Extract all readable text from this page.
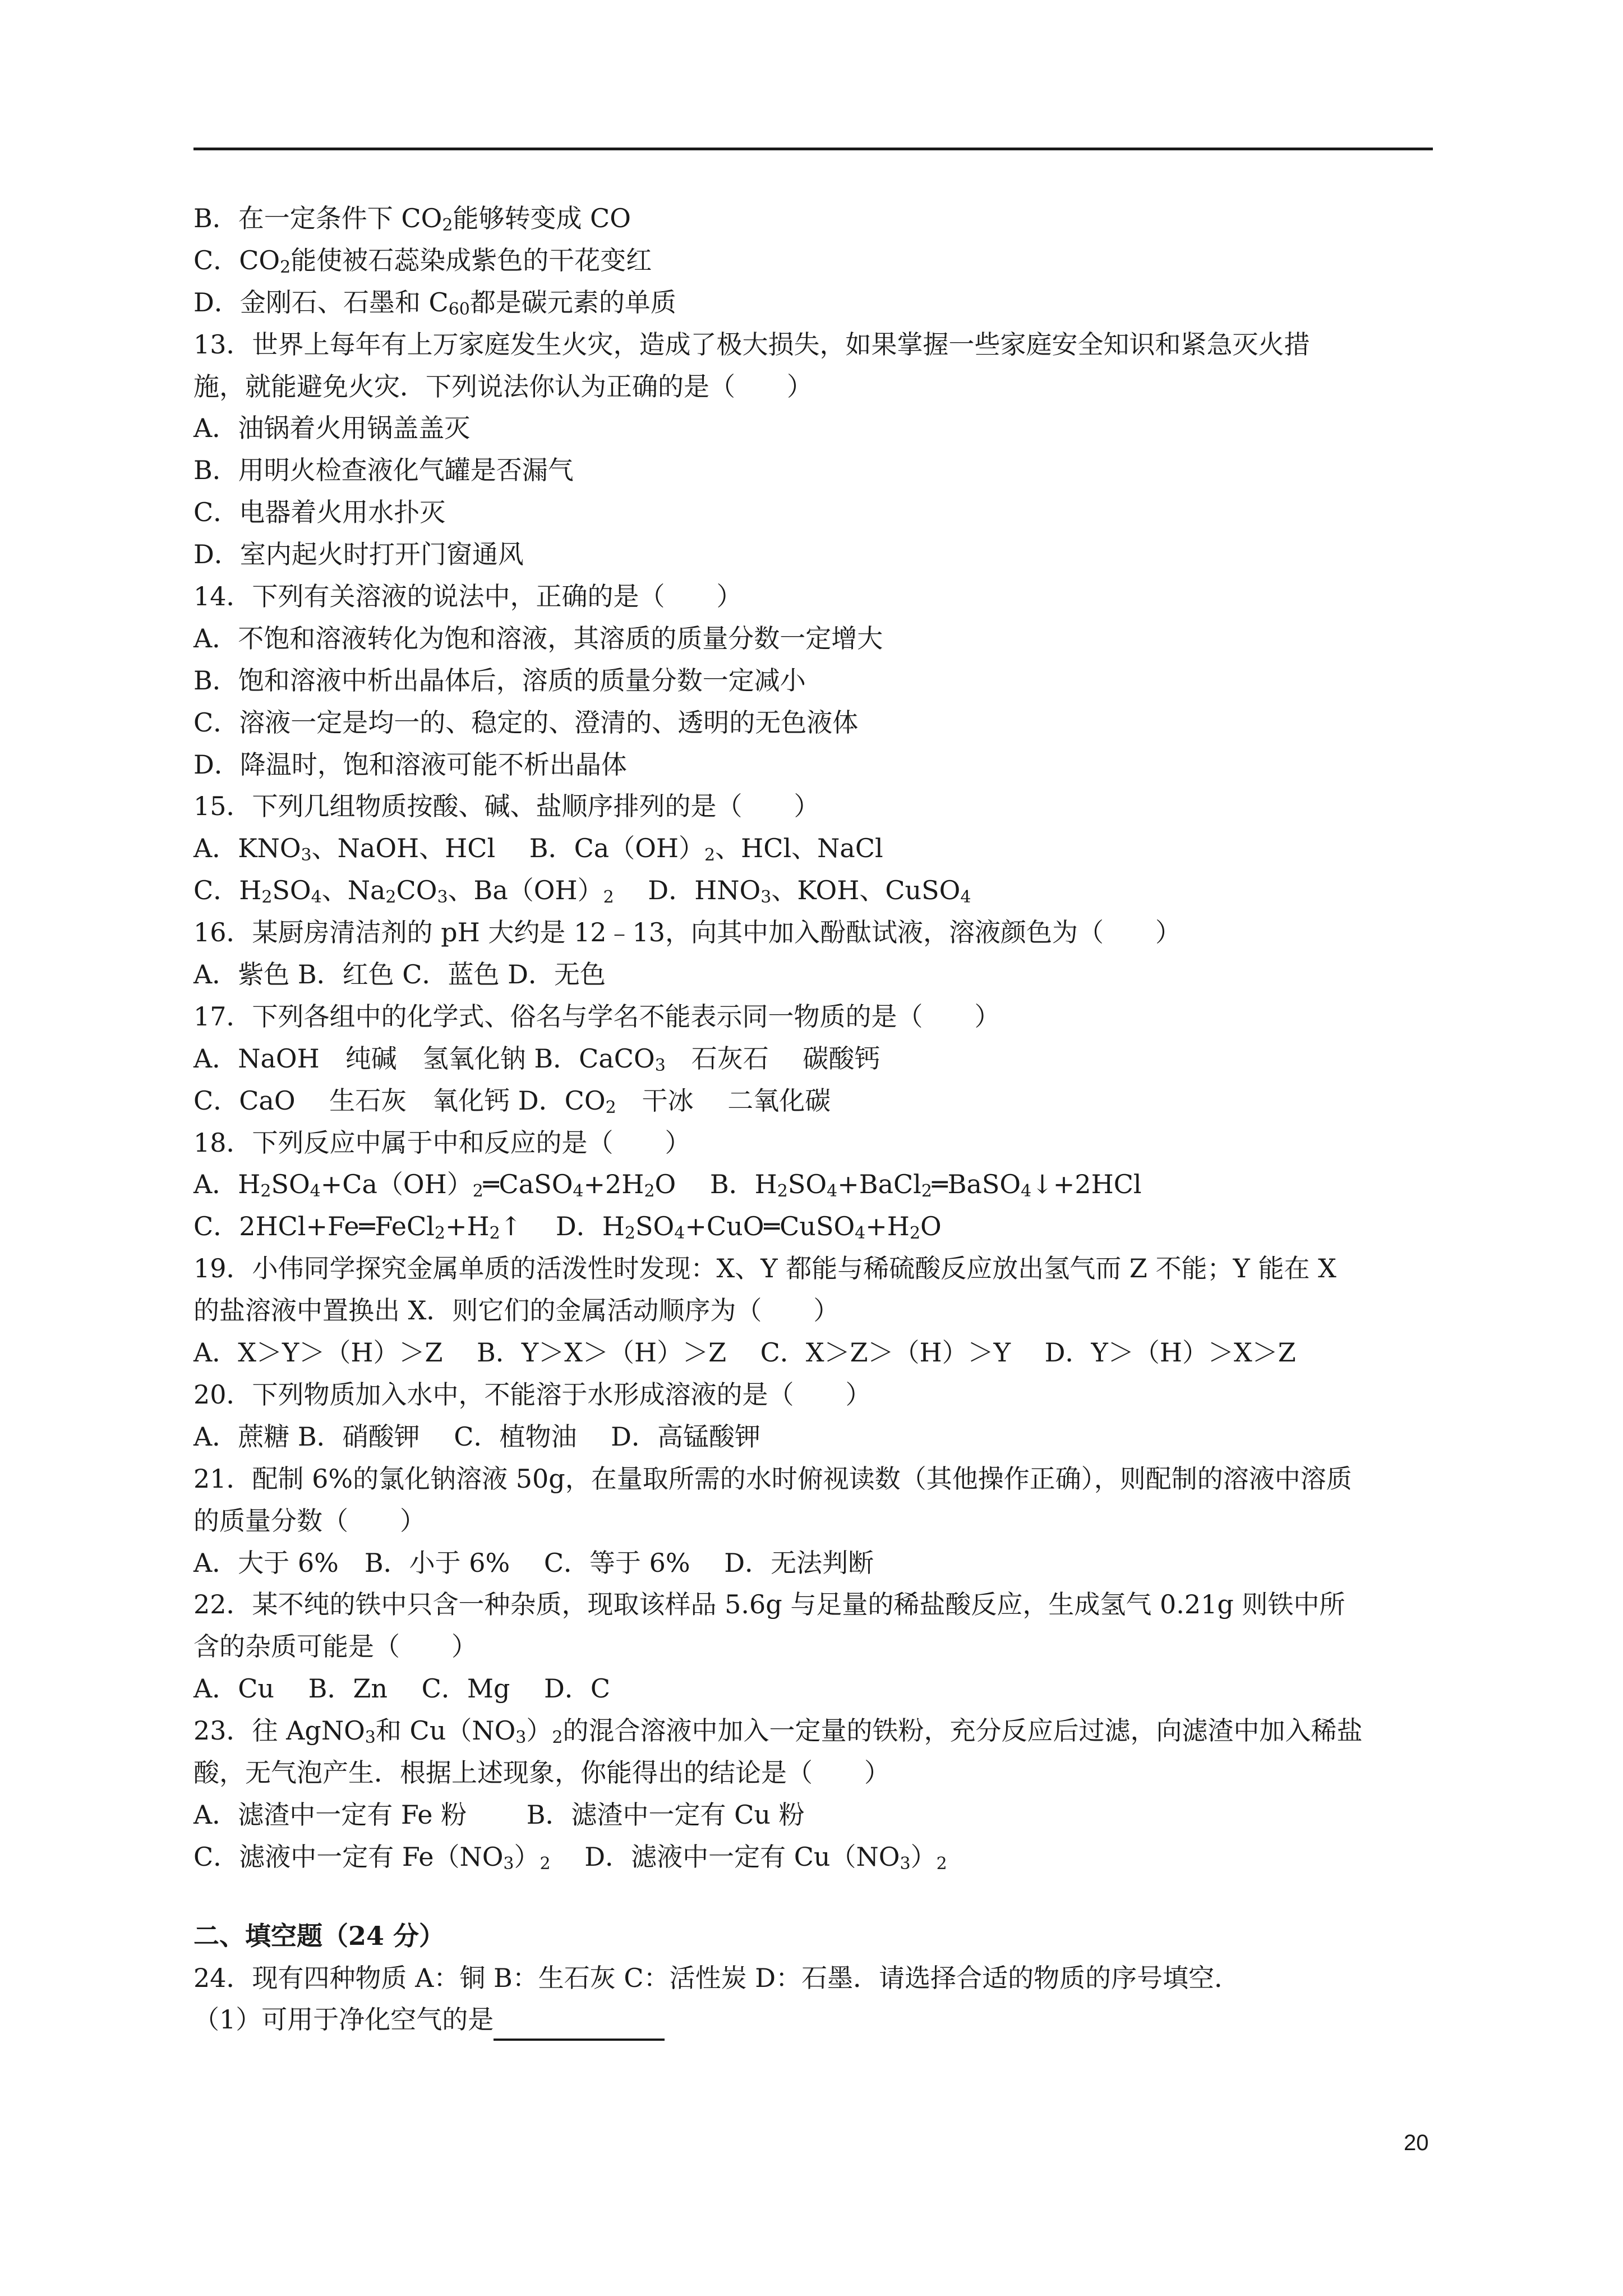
B．在一定条件下 $CO_2$能够转变成 CO
C．$CO_2$能使被石蕊染成紫色的干花变红
D．金刚石、石墨和 $C_{60}$都是碳元素的单质
13．世界上每年有上万家庭发生火灾，造成了极大损失，如果掌握一些家庭安全知识和紧急灭火措
施，就能避免火灾．下列说法你认为正确的是（　　）
A．油锅着火用锅盖盖灭
B．用明火检查液化气罐是否漏气
C．电器着火用水扑灭
D．室内起火时打开门窗通风
14．下列有关溶液的说法中，正确的是（　　）
A．不饱和溶液转化为饱和溶液，其溶质的质量分数一定增大
B．饱和溶液中析出晶体后，溶质的质量分数一定减小
C．溶液一定是均一的、稳定的、澄清的、透明的无色液体
D．降温时，饱和溶液可能不析出晶体
15．下列几组物质按酸、碱、盐顺序排列的是（　　）
A．$KNO_3$、NaOH、HCl　 B．$Ca(OH)_2$、HCl、NaCl
C．$H_2SO_4$、$Na_2CO_3$、$Ba(OH)_2$　 D．$HNO_3$、KOH、CuSO$_4$
16．某厨房清洁剂的 pH 大约是 12﹣13，向其中加入酚酞试液，溶液颜色为（　　）
A．紫色 B．红色 C．蓝色 D．无色
17．下列各组中的化学式、俗名与学名不能表示同一物质的是（　　）
A．NaOH　纯碱　氢氧化钠 B．CaCO$_3$　石灰石　 碳酸钙
C．CaO　 生石灰　氧化钙 D．$CO_2$　干冰　 二氧化碳
18．下列反应中属于中和反应的是（　　）
A．$H_2SO_4+Ca(OH)_2═CaSO_4+2H_2O$　 B．$H_2SO_4+BaCl_2═BaSO_4↓+2HCl$
C．$2HCl+Fe═FeCl_2+H_2↑$　 D．$H_2SO_4+CuO═CuSO_4+H_2O$
19．小伟同学探究金属单质的活泼性时发现：X、Y 都能与稀硫酸反应放出氢气而 Z 不能；Y 能在 X
的盐溶液中置换出 X．则它们的金属活动顺序为（　　）
A．X＞Y＞（H）＞Z　 B．Y＞X＞（H）＞Z　 C．X＞Z＞（H）＞Y　 D．Y＞（H）＞X＞Z
20．下列物质加入水中，不能溶于水形成溶液的是（　　）
A．蔗糖 B．硝酸钾　 C．植物油　 D．高锰酸钾
21．配制 6%的氯化钠溶液 50g，在量取所需的水时俯视读数（其他操作正确），则配制的溶液中溶质
的质量分数（　　）
A．大于 6%　B．小于 6%　 C．等于 6%　 D．无法判断
22．某不纯的铁中只含一种杂质，现取该样品 5.6g 与足量的稀盐酸反应，生成氢气 0.21g 则铁中所
含的杂质可能是（　　）
A．Cu　 B．Zn　 C．Mg　 D．C
23．往 AgNO$_3$和 $Cu(NO_3)_2$的混合溶液中加入一定量的铁粉，充分反应后过滤，向滤渣中加入稀盐
酸，无气泡产生．根据上述现象，你能得出的结论是（　　）
A．滤渣中一定有 Fe 粉　　 B．滤渣中一定有 Cu 粉
C．滤液中一定有 $Fe(NO_3)_2$　 D．滤液中一定有 $Cu(NO_3)_2$
二、填空题（24 分）
24．现有四种物质 A：铜 B：生石灰 C：活性炭 D：石墨．请选择合适的物质的序号填空．
（1）可用于净化空气的是
20
